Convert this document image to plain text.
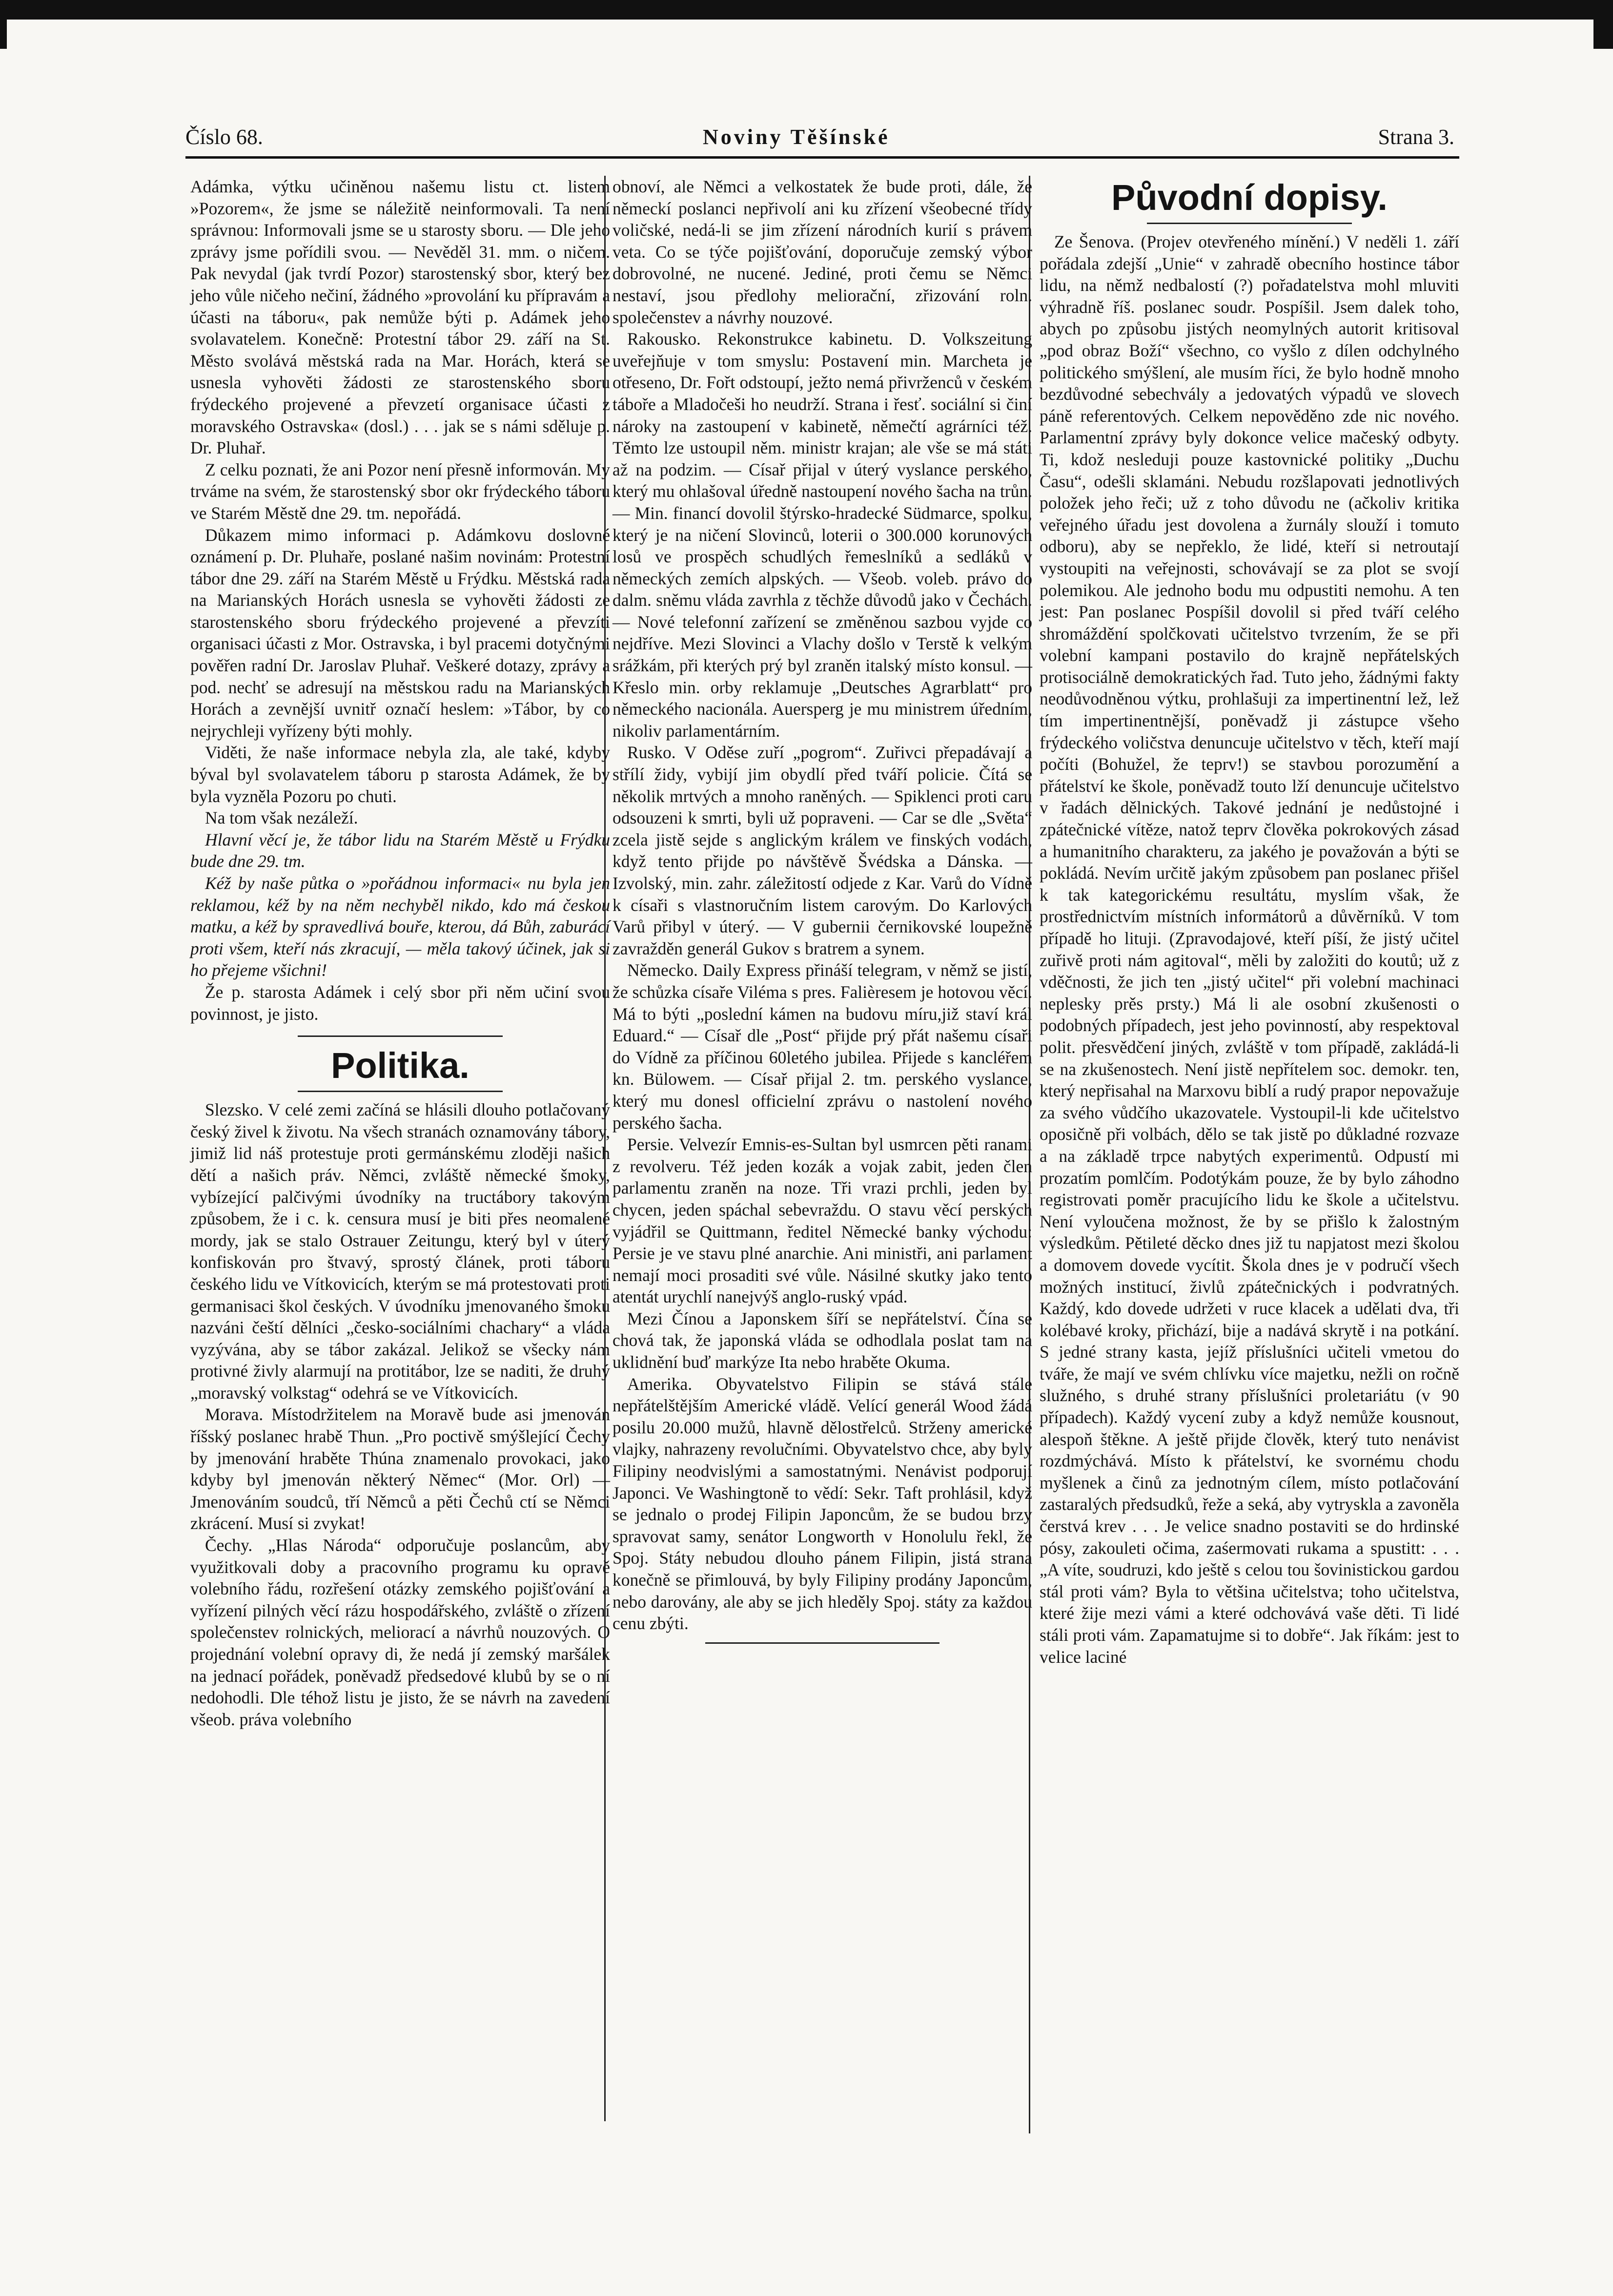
Číslo 68.	Noviny Těšínské	Strana 3.

Adámka, výtku učiněnou našemu listu ct. listem »Pozorem«, že jsme se náležitě neinformovali. Ta není správnou: Informovali jsme se u starosty sboru. — Dle jeho zprávy jsme pořídili svou. — Nevěděl 31. mm. o ničem. Pak nevydal (jak tvrdí Pozor) starostenský sbor, který bez jeho vůle ničeho nečiní, žádného »provolání ku přípravám a účasti na táboru«, pak nemůže býti p. Adámek jeho svolavatelem. Konečně: Protestní tábor 29. září na St. Město svolává městská rada na Mar. Horách, která se usnesla vyhověti žádosti ze starostenského sboru frýdeckého projevené a převzetí organisace účasti z moravského Ostravska« (dosl.) . . . jak se s námi sděluje p. Dr. Pluhař.

Z celku poznati, že ani Pozor není přesně informován. My trváme na svém, že starostenský sbor okr frýdeckého táboru ve Starém Městě dne 29. tm. nepořádá.

Důkazem mimo informaci p. Adámkovu doslovné oznámení p. Dr. Pluhaře, poslané našim novinám: Protestní tábor dne 29. září na Starém Městě u Frýdku. Městská rada na Marianských Horách usnesla se vyhověti žádosti ze starostenského sboru frýdeckého projevené a převzíti organisaci účasti z Mor. Ostravska, i byl pracemi dotyčnými pověřen radní Dr. Jaroslav Pluhař. Veškeré dotazy, zprávy a pod. nechť se adresují na městskou radu na Marianských Horách a zevnější uvnitř označí heslem: »Tábor, by co nejrychleji vyřízeny býti mohly.

Viděti, že naše informace nebyla zla, ale také, kdyby býval byl svolavatelem táboru p starosta Adámek, že by byla vyzněla Pozoru po chuti.

Na tom však nezáleží.

Hlavní věcí je, že tábor lidu na Starém Městě u Frýdku bude dne 29. tm.

Kéž by naše půtka o »pořádnou informaci« nu byla jen reklamou, kéž by na něm nechyběl nikdo, kdo má českou matku, a kéž by spravedlivá bouře, kterou, dá Bůh, zaburácí proti všem, kteří nás zkracují, — měla takový účinek, jak si ho přejeme všichni!

Že p. starosta Adámek i celý sbor při něm učiní svou povinnost, je jisto.

Politika.

Slezsko. V celé zemi začíná se hlásili dlouho potlačovaný český živel k životu. Na všech stranách oznamovány tábory, jimiž lid náš protestuje proti germánskému zloději našich dětí a našich práv. Němci, zvláště německé šmoky, vybízející palčivými úvodníky na tructábory takovým způsobem, že i c. k. censura musí je biti přes neomalené mordy, jak se stalo Ostrauer Zeitungu, který byl v úterý konfiskován pro štvavý, sprostý článek, proti táboru českého lidu ve Vítkovicích, kterým se má protestovati proti germanisaci škol českých. V úvodníku jmenovaného šmoku nazváni čeští dělníci „česko-sociálními chachary“ a vláda vyzývána, aby se tábor zakázal. Jelikož se všecky nám protivné živly alarmují na protitábor, lze se naditi, že druhý „moravský volkstag“ odehrá se ve Vítkovicích.

Morava. Místodržitelem na Moravě bude asi jmenován říšský poslanec hrabě Thun. „Pro poctivě smýšlející Čechy by jmenování hraběte Thúna znamenalo provokaci, jako kdyby byl jmenován některý Němec“ (Mor. Orl) — Jmenováním soudců, tří Němců a pěti Čechů ctí se Němci zkrácení. Musí si zvykat!

Čechy. „Hlas Národa“ odporučuje poslancům, aby využitkovali doby a pracovního programu ku opravě volebního řádu, rozřešení otázky zemského pojišťování a vyřízení pilných věcí rázu hospodářského, zvláště o zřízení společenstev rolnických, meliorací a návrhů nouzových. O projednání volební opravy di, že nedá jí zemský maršálek na jednací pořádek, poněvadž předsedové klubů by se o ní nedohodli. Dle téhož listu je jisto, že se návrh na zavedení všeob. práva volebního

obnoví, ale Němci a velkostatek že bude proti, dále, že německí poslanci nepřivolí ani ku zřízení všeobecné třídy voličské, nedá-li se jim zřízení národních kurií s právem veta. Co se týče pojišťování, doporučuje zemský výbor dobrovolné, ne nucené. Jediné, proti čemu se Němci nestaví, jsou předlohy meliorační, zřizování roln. společenstev a návrhy nouzové.

Rakousko. Rekonstrukce kabinetu. D. Volkszeitung uveřejňuje v tom smyslu: Postavení min. Marcheta je otřeseno, Dr. Fořt odstoupí, ježto nemá přivrženců v českém táboře a Mladočeši ho neudrží. Strana i řesť. sociální si činí nároky na zastoupení v kabinetě, němečtí agrárníci též. Těmto lze ustoupil něm. ministr krajan; ale vše se má státi až na podzim. — Císař přijal v úterý vyslance perského, který mu ohlašoval úředně nastoupení nového šacha na trůn. — Min. financí dovolil štýrsko-hradecké Südmarce, spolku, který je na ničení Slovinců, loterii o 300.000 korunových losů ve prospěch schudlých řemeslníků a sedláků v německých zemích alpských. — Všeob. voleb. právo do dalm. sněmu vláda zavrhla z těchže důvodů jako v Čechách. — Nové telefonní zařízení se změněnou sazbou vyjde co nejdříve. Mezi Slovinci a Vlachy došlo v Terstě k velkým srážkám, při kterých prý byl zraněn italský místo konsul. — Křeslo min. orby reklamuje „Deutsches Agrarblatt“ pro německého nacionála. Auersperg je mu ministrem úředním, nikoliv parlamentárním.

Rusko. V Oděse zuří „pogrom“. Zuřivci přepadávají a střílí židy, vybijí jim obydlí před tváří policie. Čítá se několik mrtvých a mnoho raněných. — Spiklenci proti caru odsouzeni k smrti, byli už popraveni. — Car se dle „Světa“ zcela jistě sejde s anglickým králem ve finských vodách, když tento přijde po návštěvě Švédska a Dánska. — Izvolský, min. zahr. záležitostí odjede z Kar. Varů do Vídně k císaři s vlastnoručním listem carovým. Do Karlových Varů přibyl v úterý. — V gubernii černikovské loupežně zavražděn generál Gukov s bratrem a synem.

Německo. Daily Express přináší telegram, v němž se jistí, že schůzka císaře Viléma s pres. Falièresem je hotovou věcí. Má to býti „poslední kámen na budovu míru,již staví král Eduard.“ — Císař dle „Post“ přijde prý přát našemu císaři do Vídně za příčinou 60letého jubilea. Přijede s kancléřem kn. Bülowem. — Císař přijal 2. tm. perského vyslance, který mu donesl officielní zprávu o nastolení nového perského šacha.

Persie. Velvezír Emnis-es-Sultan byl usmrcen pěti ranami z revolveru. Též jeden kozák a vojak zabit, jeden člen parlamentu zraněn na noze. Tři vrazi prchli, jeden byl chycen, jeden spáchal sebevraždu. O stavu věcí perských vyjádřil se Quittmann, ředitel Německé banky východu: Persie je ve stavu plné anarchie. Ani ministři, ani parlament nemají moci prosaditi své vůle. Násilné skutky jako tento atentát urychlí nanejvýš anglo-ruský vpád.

Mezi Čínou a Japonskem šíří se nepřátelství. Čína se chová tak, že japonská vláda se odhodlala poslat tam na uklidnění buď markýze Ita nebo hraběte Okuma.

Amerika. Obyvatelstvo Filipin se stává stále nepřátelštějším Americké vládě. Velící generál Wood žádá posilu 20.000 mužů, hlavně dělostřelců. Strženy americké vlajky, nahrazeny revolučními. Obyvatelstvo chce, aby byly Filipiny neodvislými a samostatnými. Nenávist podporují Japonci. Ve Washingtoně to vědí: Sekr. Taft prohlásil, když se jednalo o prodej Filipin Japoncům, že se budou brzy spravovat samy, senátor Longworth v Honolulu řekl, že Spoj. Státy nebudou dlouho pánem Filipin, jistá strana konečně se přimlouvá, by byly Filipiny prodány Japoncům, nebo darovány, ale aby se jich hleděly Spoj. státy za každou cenu zbýti.

Původní dopisy.

Ze Šenova. (Projev otevřeného mínění.) V neděli 1. září pořádala zdejší „Unie“ v zahradě obecního hostince tábor lidu, na němž nedbalostí (?) pořadatelstva mohl mluviti výhradně říš. poslanec soudr. Pospíšil. Jsem dalek toho, abych po způsobu jistých neomylných autorit kritisoval „pod obraz Boží“ všechno, co vyšlo z dílen odchylného politického smýšlení, ale musím říci, že bylo hodně mnoho bezdůvodné sebechvály a jedovatých výpadů ve slovech páně referentových. Celkem nepověděno zde nic nového. Parlamentní zprávy byly dokonce velice mačeský odbyty. Ti, kdož nesleduji pouze kastovnické politiky „Duchu Času“, odešli sklamáni. Nebudu rozšlapovati jednotlivých položek jeho řeči; už z toho důvodu ne (ačkoliv kritika veřejného úřadu jest dovolena a žurnály slouží i tomuto odboru), aby se nepřeklo, že lidé, kteří si netroutají vystoupiti na veřejnosti, schovávají se za plot se svojí polemikou. Ale jednoho bodu mu odpustiti nemohu. A ten jest: Pan poslanec Pospíšil dovolil si před tváří celého shromáždění spolčkovati učitelstvo tvrzením, že se při volební kampani postavilo do krajně nepřátelských protisociálně demokratických řad. Tuto jeho, žádnými fakty neodůvodněnou výtku, prohlašuji za impertinentní lež, lež tím impertinentnější, poněvadž ji zástupce všeho frýdeckého voličstva denuncuje učitelstvo v těch, kteří mají počíti (Bohužel, že teprv!) se stavbou porozumění a přátelství ke škole, poněvadž touto lží denuncuje učitelstvo v řadách dělnických. Takové jednání je nedůstojné i zpátečnické vítěze, natož teprv člověka pokrokových zásad a humanitního charakteru, za jakého je považován a býti se pokládá. Nevím určitě jakým způsobem pan poslanec přišel k tak kategorickému resultátu, myslím však, že prostřednictvím místních informátorů a důvěrníků. V tom případě ho lituji. (Zpravodajové, kteří píší, že jistý učitel zuřivě proti nám agitoval“, měli by založiti do koutů; už z vděčnosti, že jich ten „jistý učitel“ při volební machinaci neplesky prěs prsty.) Má li ale osobní zkušenosti o podobných případech, jest jeho povinností, aby respektoval polit. přesvědčení jiných, zvláště v tom případě, zakládá-li se na zkušenostech. Není jistě nepřítelem soc. demokr. ten, který nepřisahal na Marxovu biblí a rudý prapor nepovažuje za svého vůdčího ukazovatele. Vystoupil-li kde učitelstvo oposičně při volbách, dělo se tak jistě po důkladné rozvaze a na základě trpce nabytých experimentů. Odpustí mi prozatím pomlčím. Podotýkám pouze, že by bylo záhodno registrovati poměr pracujícího lidu ke škole a učitelstvu. Není vyloučena možnost, že by se přišlo k žalostným výsledkům. Pětileté děcko dnes již tu napjatost mezi školou a domovem dovede vycítit. Škola dnes je v područí všech možných institucí, živlů zpátečnických i podvratných. Každý, kdo dovede udržeti v ruce klacek a udělati dva, tři kolébavé kroky, přichází, bije a nadává skrytě i na potkání. S jedné strany kasta, jejíž příslušníci učiteli vmetou do tváře, že mají ve svém chlívku více majetku, nežli on ročně služného, s druhé strany příslušníci proletariátu (v 90 případech). Každý vycení zuby a když nemůže kousnout, alespoň štěkne. A ještě přijde člověk, který tuto nenávist rozdmýchává. Místo k přátelství, ke svornému chodu myšlenek a činů za jednotným cílem, místo potlačování zastaralých předsudků, řeže a seká, aby vytryskla a zavoněla čerstvá krev . . . Je velice snadno postaviti se do hrdinské pósy, zakouleti očima, zaśermovati rukama a spustitt: . . . „A víte, soudruzi, kdo ještě s celou tou šovinistickou gardou stál proti vám? Byla to většina učitelstva; toho učitelstva, které žije mezi vámi a které odchovává vaše děti. Ti lidé stáli proti vám. Zapamatujme si to dobře“. Jak říkám: jest to velice laciné
